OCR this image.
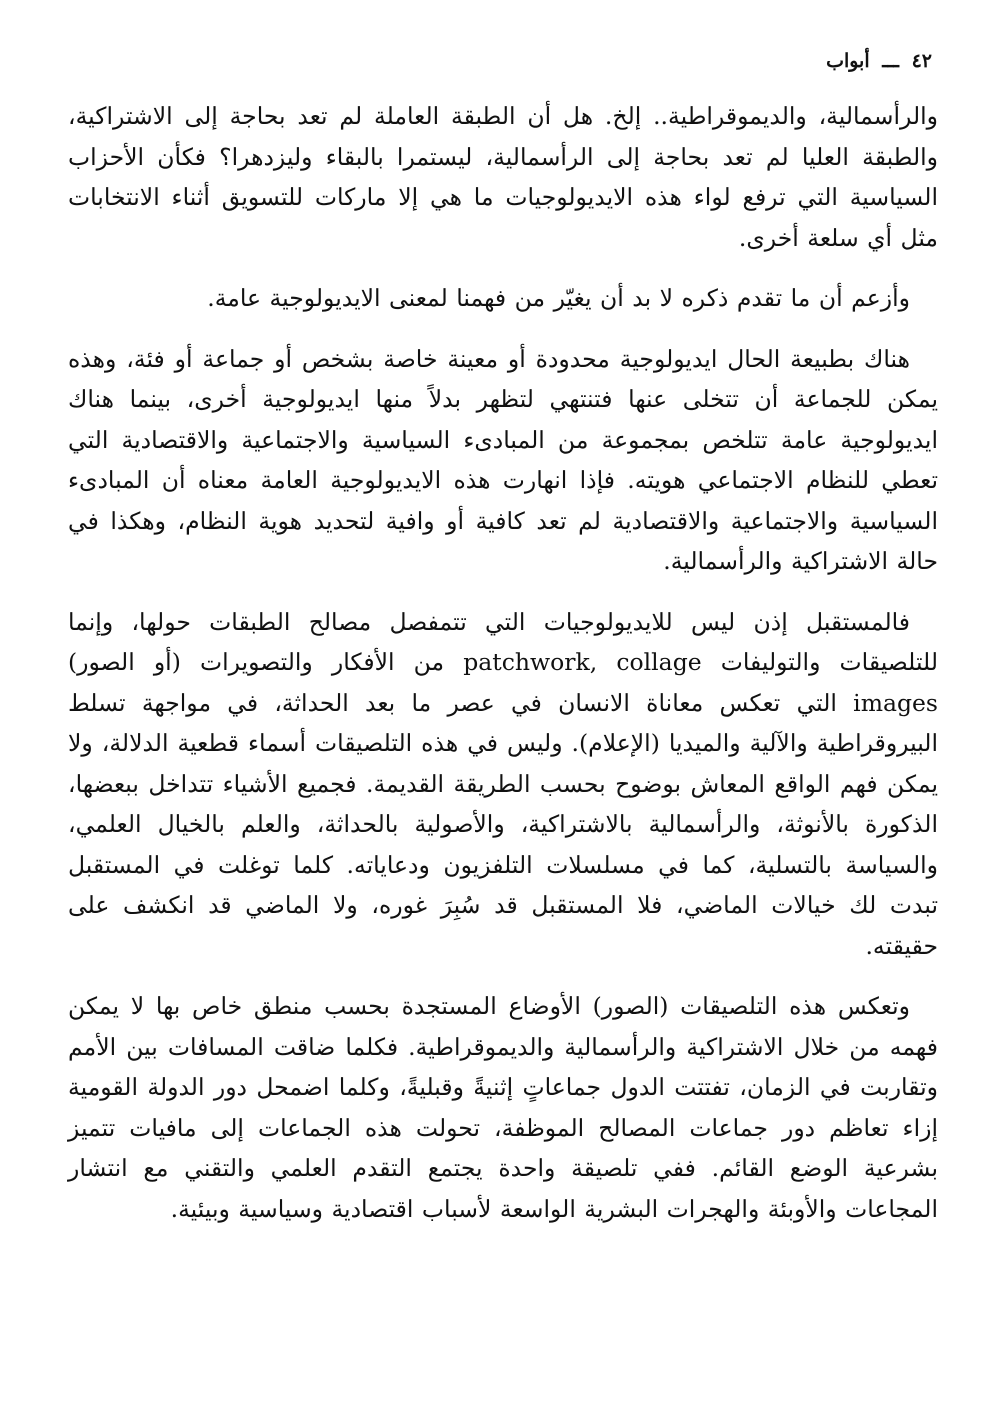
٤٢ ـــ أبواب

والرأسمالية، والديموقراطية.. إلخ. هل أن الطبقة العاملة لم تعد بحاجة إلى الاشتراكية، والطبقة العليا لم تعد بحاجة إلى الرأسمالية، ليستمرا بالبقاء وليزدهرا؟ فكأن الأحزاب السياسية التي ترفع لواء هذه الايديولوجيات ما هي إلا ماركات للتسويق أثناء الانتخابات مثل أي سلعة أخرى.

وأزعم أن ما تقدم ذكره لا بد أن يغيّر من فهمنا لمعنى الايديولوجية عامة.

هناك بطبيعة الحال ايديولوجية محدودة أو معينة خاصة بشخص أو جماعة أو فئة، وهذه يمكن للجماعة أن تتخلى عنها فتنتهي لتظهر بدلاً منها ايديولوجية أخرى، بينما هناك ايديولوجية عامة تتلخص بمجموعة من المبادىء السياسية والاجتماعية والاقتصادية التي تعطي للنظام الاجتماعي هويته. فإذا انهارت هذه الايديولوجية العامة معناه أن المبادىء السياسية والاجتماعية والاقتصادية لم تعد كافية أو وافية لتحديد هوية النظام، وهكذا في حالة الاشتراكية والرأسمالية.

فالمستقبل إذن ليس للايديولوجيات التي تتمفصل مصالح الطبقات حولها، وإنما للتلصيقات والتوليفات patchwork, collage من الأفكار والتصويرات (أو الصور) images التي تعكس معاناة الانسان في عصر ما بعد الحداثة، في مواجهة تسلط البيروقراطية والآلية والميديا (الإعلام). وليس في هذه التلصيقات أسماء قطعية الدلالة، ولا يمكن فهم الواقع المعاش بوضوح بحسب الطريقة القديمة. فجميع الأشياء تتداخل ببعضها، الذكورة بالأنوثة، والرأسمالية بالاشتراكية، والأصولية بالحداثة، والعلم بالخيال العلمي، والسياسة بالتسلية، كما في مسلسلات التلفزيون ودعاياته. كلما توغلت في المستقبل تبدت لك خيالات الماضي، فلا المستقبل قد سُبِرَ غوره، ولا الماضي قد انكشف على حقيقته.

وتعكس هذه التلصيقات (الصور) الأوضاع المستجدة بحسب منطق خاص بها لا يمكن فهمه من خلال الاشتراكية والرأسمالية والديموقراطية. فكلما ضاقت المسافات بين الأمم وتقاربت في الزمان، تفتتت الدول جماعاتٍ إثنيةً وقبليةً، وكلما اضمحل دور الدولة القومية إزاء تعاظم دور جماعات المصالح الموظفة، تحولت هذه الجماعات إلى مافيات تتميز بشرعية الوضع القائم. ففي تلصيقة واحدة يجتمع التقدم العلمي والتقني مع انتشار المجاعات والأوبئة والهجرات البشرية الواسعة لأسباب اقتصادية وسياسية وبيئية.
